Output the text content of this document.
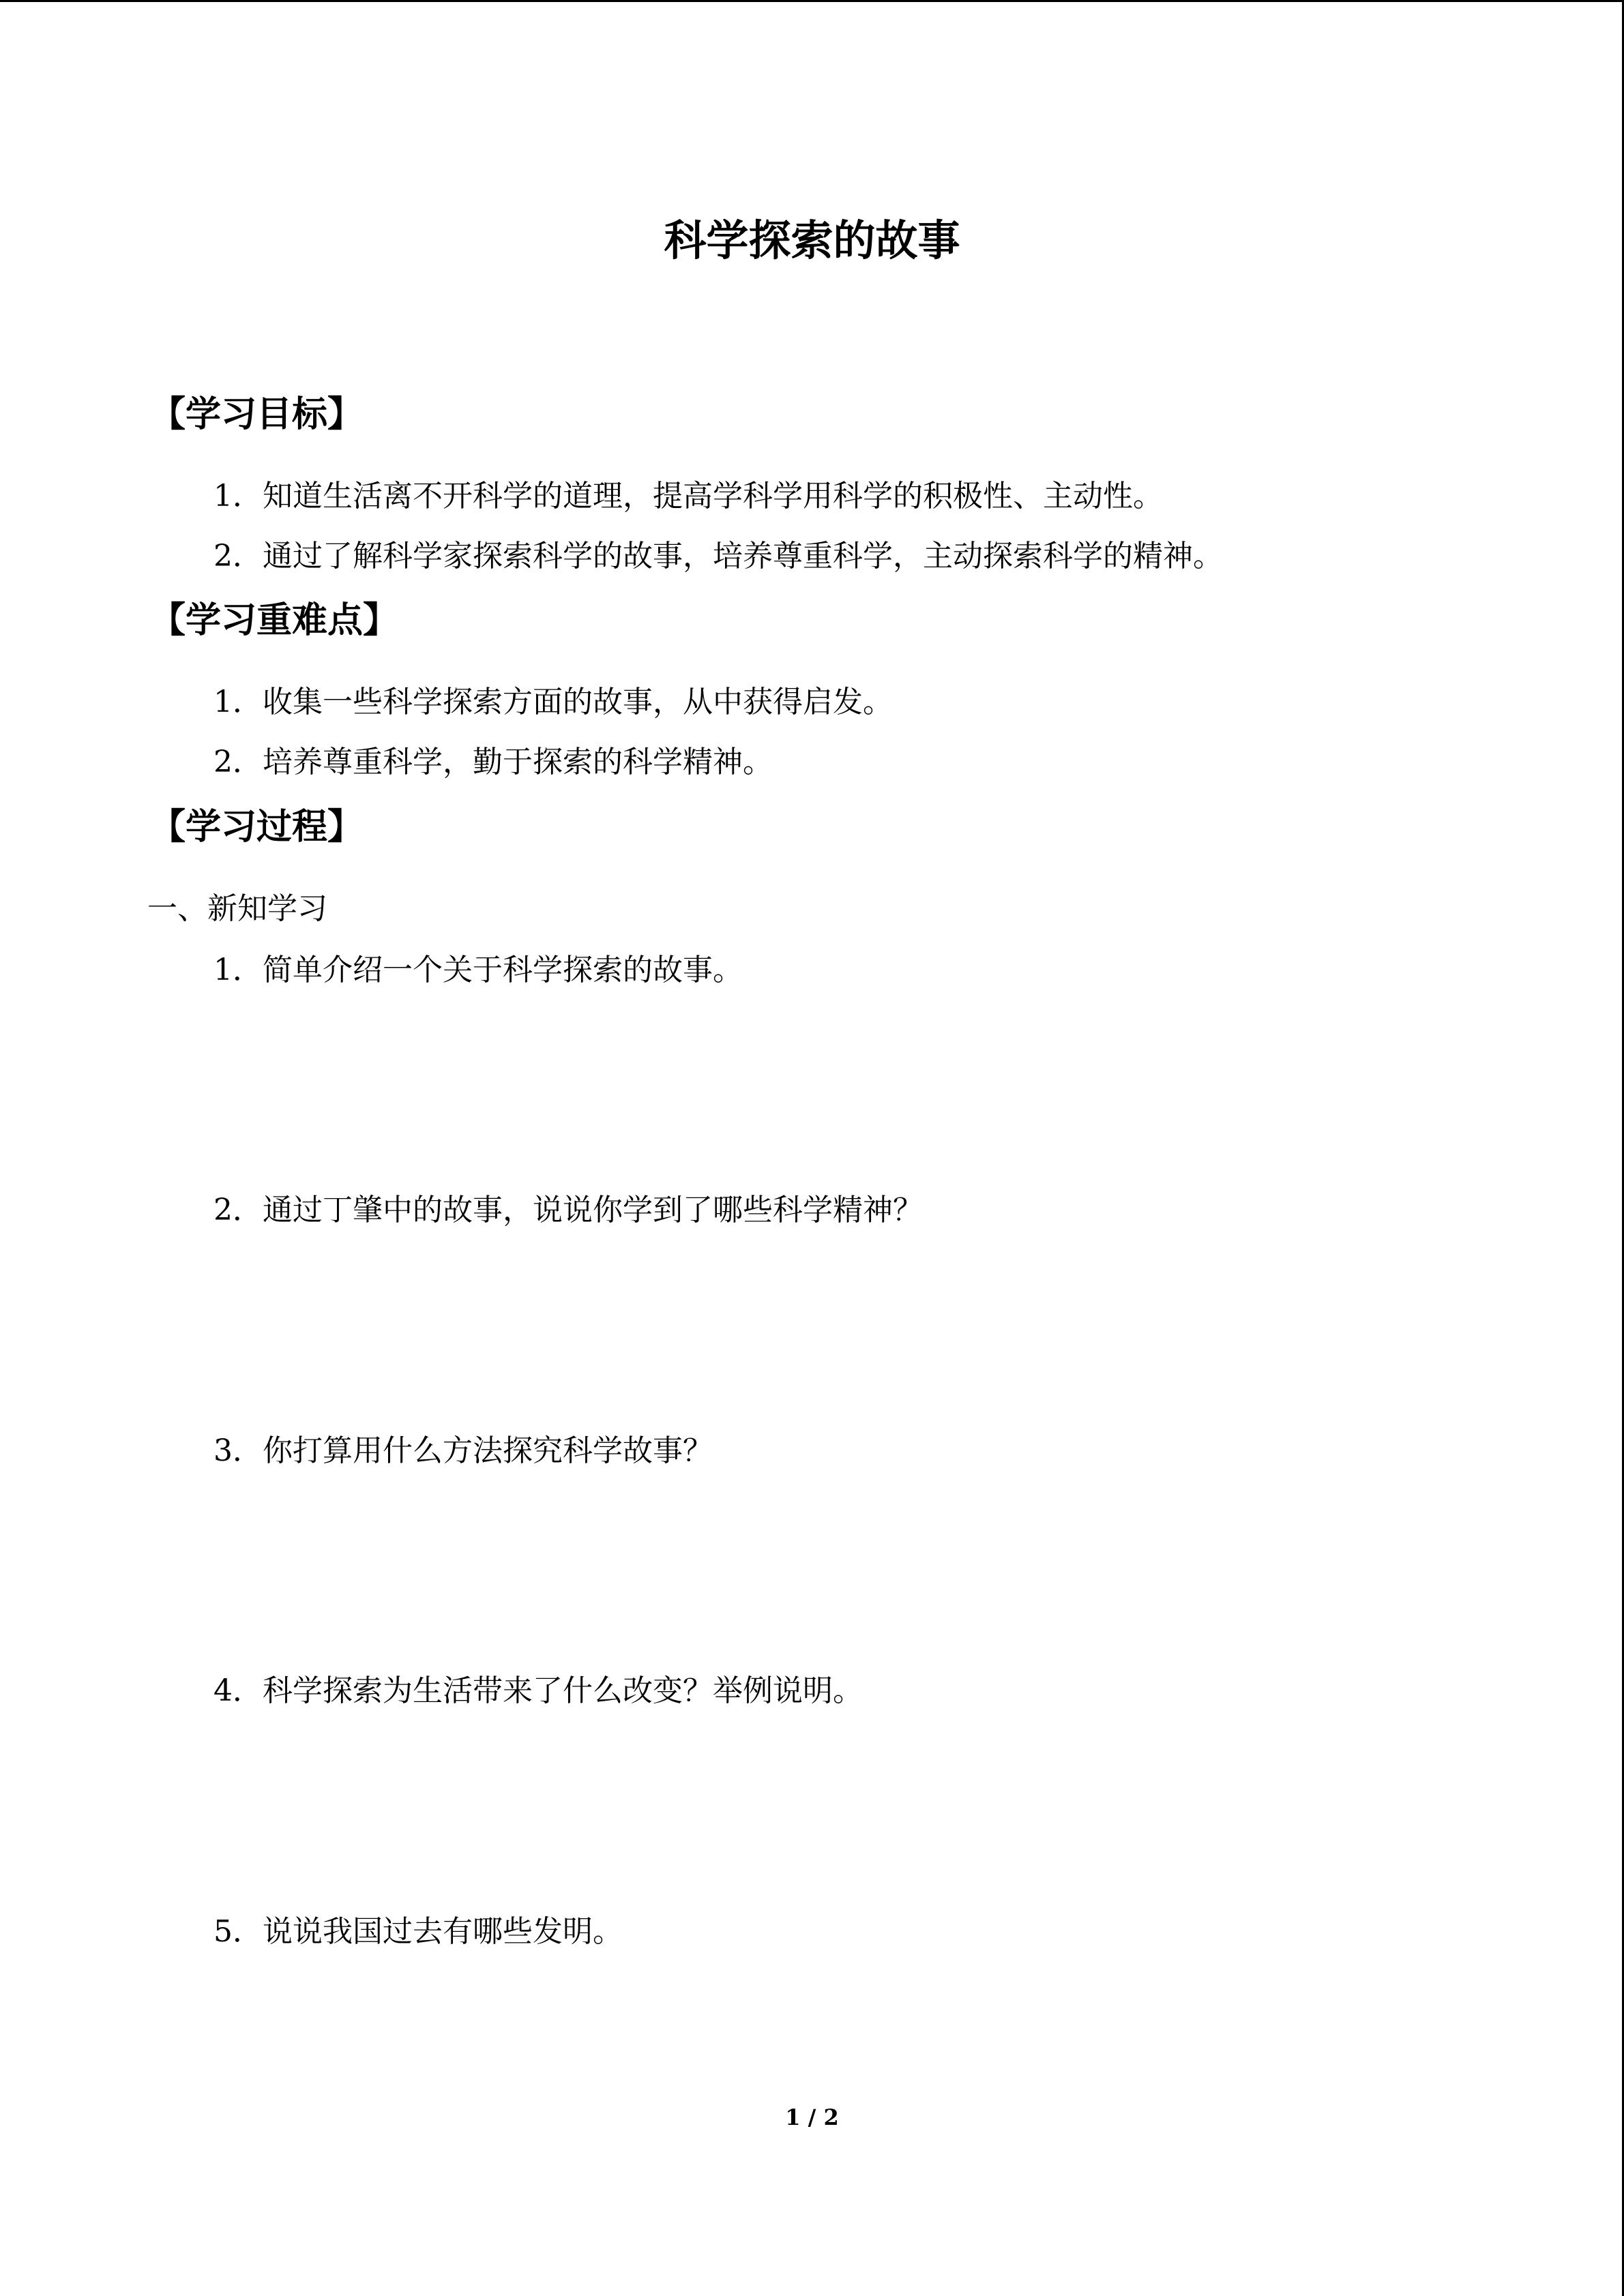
科学探索的故事
【学习目标】

1．知道生活离不开科学的道理，提高学科学用科学的积极性、主动性。

2．通过了解科学家探索科学的故事，培养尊重科学，主动探索科学的精神。

【学习重难点】

1．收集一些科学探索方面的故事，从中获得启发。

2．培养尊重科学，勤于探索的科学精神。

【学习过程】

一、新知学习

1．简单介绍一个关于科学探索的故事。

2．通过丁肇中的故事，说说你学到了哪些科学精神？

3．你打算用什么方法探究科学故事？

4．科学探索为生活带来了什么改变？举例说明。

5．说说我国过去有哪些发明。

1 / 2
